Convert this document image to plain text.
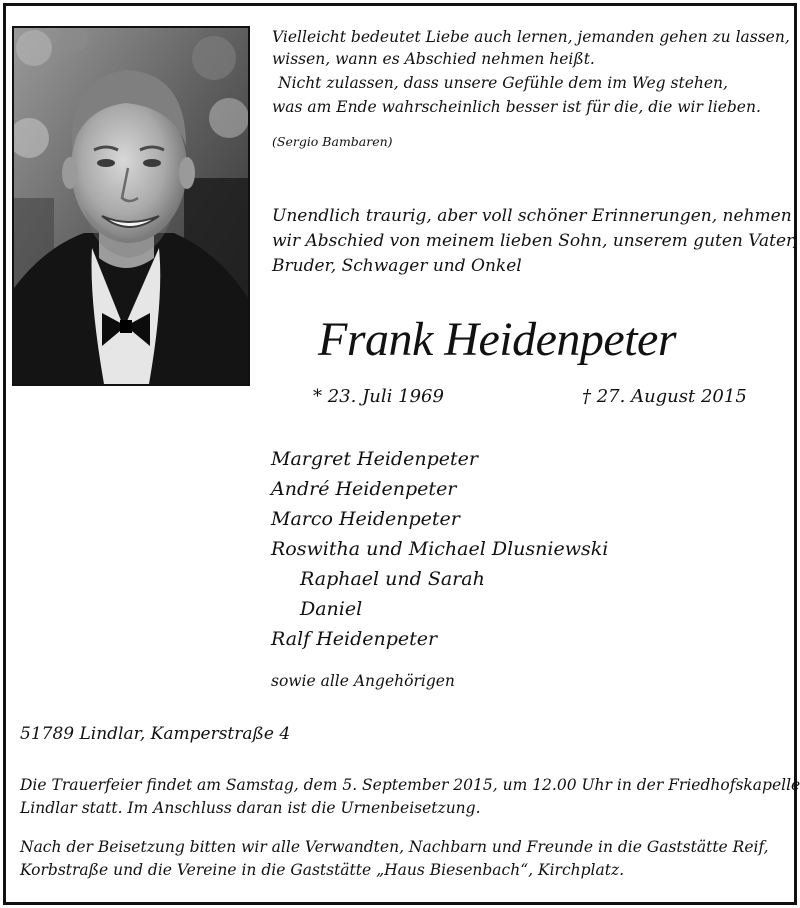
Vielleicht bedeutet Liebe auch lernen, jemanden gehen zu lassen,
wissen, wann es Abschied nehmen heißt.
Nicht zulassen, dass unsere Gefühle dem im Weg stehen,
was am Ende wahrscheinlich besser ist für die, die wir lieben.
(Sergio Bambaren)
Unendlich traurig, aber voll schöner Erinnerungen, nehmen
wir Abschied von meinem lieben Sohn, unserem guten Vater,
Bruder, Schwager und Onkel
Frank Heidenpeter
* 23. Juli 1969	† 27. August 2015
Margret Heidenpeter
André Heidenpeter
Marco Heidenpeter
Roswitha und Michael Dlusniewski
Raphael und Sarah
Daniel
Ralf Heidenpeter
sowie alle Angehörigen
51789 Lindlar, Kamperstraße 4
Die Trauerfeier findet am Samstag, dem 5. September 2015, um 12.00 Uhr in der Friedhofskapelle
Lindlar statt. Im Anschluss daran ist die Urnenbeisetzung.
Nach der Beisetzung bitten wir alle Verwandten, Nachbarn und Freunde in die Gaststätte Reif,
Korbstraße und die Vereine in die Gaststätte „Haus Biesenbach“, Kirchplatz.
